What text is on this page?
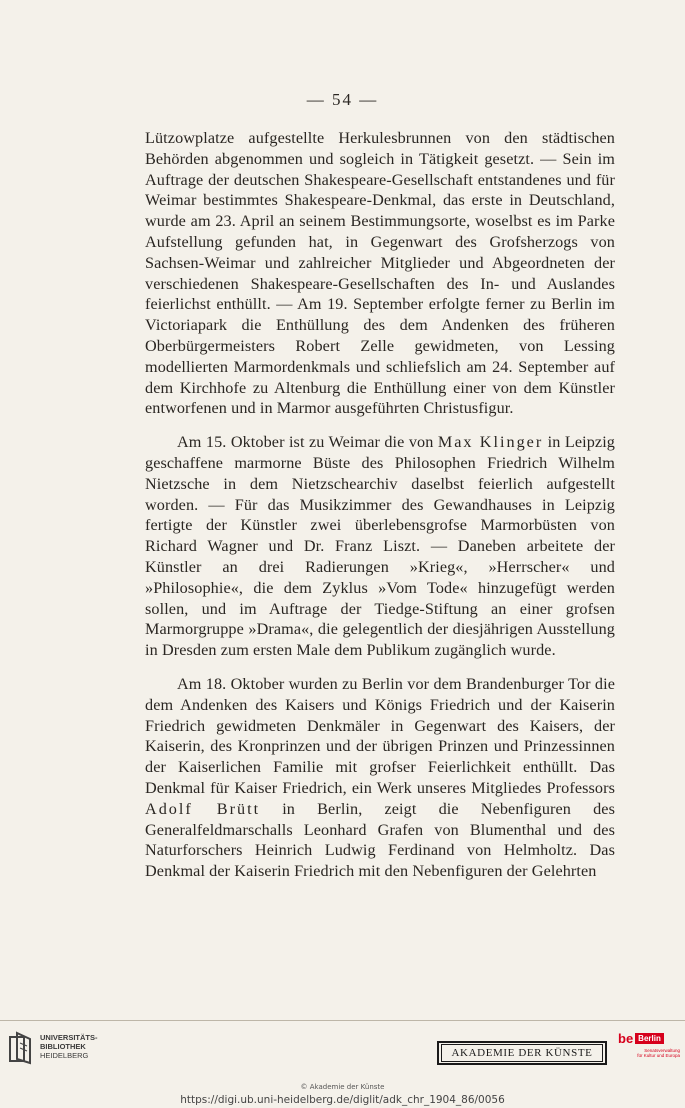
— 54 —

Lützowplatze aufgestellte Herkulesbrunnen von den städtischen Behörden abgenommen und sogleich in Tätigkeit gesetzt. — Sein im Auftrage der deutschen Shakespeare-Gesellschaft entstandenes und für Weimar bestimmtes Shakespeare-Denkmal, das erste in Deutschland, wurde am 23. April an seinem Bestimmungsorte, woselbst es im Parke Aufstellung gefunden hat, in Gegenwart des Grofsherzogs von Sachsen-Weimar und zahlreicher Mitglieder und Abgeordneten der verschiedenen Shakespeare-Gesellschaften des In- und Auslandes feierlichst enthüllt. — Am 19. September erfolgte ferner zu Berlin im Victoriapark die Enthüllung des dem Andenken des früheren Oberbürgermeisters Robert Zelle gewidmeten, von Lessing modellierten Marmordenkmals und schliefslich am 24. September auf dem Kirchhofe zu Altenburg die Enthüllung einer von dem Künstler entworfenen und in Marmor ausgeführten Christusfigur.

Am 15. Oktober ist zu Weimar die von Max Klinger in Leipzig geschaffene marmorne Büste des Philosophen Friedrich Wilhelm Nietzsche in dem Nietzschearchiv daselbst feierlich aufgestellt worden. — Für das Musikzimmer des Gewandhauses in Leipzig fertigte der Künstler zwei überlebensgrofse Marmorbüsten von Richard Wagner und Dr. Franz Liszt. — Daneben arbeitete der Künstler an drei Radierungen »Krieg«, »Herrscher« und »Philosophie«, die dem Zyklus »Vom Tode« hinzugefügt werden sollen, und im Auftrage der Tiedge-Stiftung an einer grofsen Marmorgruppe »Drama«, die gelegentlich der diesjährigen Ausstellung in Dresden zum ersten Male dem Publikum zugänglich wurde.

Am 18. Oktober wurden zu Berlin vor dem Brandenburger Tor die dem Andenken des Kaisers und Königs Friedrich und der Kaiserin Friedrich gewidmeten Denkmäler in Gegenwart des Kaisers, der Kaiserin, des Kronprinzen und der übrigen Prinzen und Prinzessinnen der Kaiserlichen Familie mit grofser Feierlichkeit enthüllt. Das Denkmal für Kaiser Friedrich, ein Werk unseres Mitgliedes Professors Adolf Brütt in Berlin, zeigt die Nebenfiguren des Generalfeldmarschalls Leonhard Grafen von Blumenthal und des Naturforschers Heinrich Ludwig Ferdinand von Helmholtz. Das Denkmal der Kaiserin Friedrich mit den Nebenfiguren der Gelehrten

UNIVERSITÄTS-
BIBLIOTHEK
HEIDELBERG	AKADEMIE DER KÜNSTE
be Berlin
Senatsverwaltung
für Kultur und Europa
© Akademie der Künste
https://digi.ub.uni-heidelberg.de/diglit/adk_chr_1904_86/0056
